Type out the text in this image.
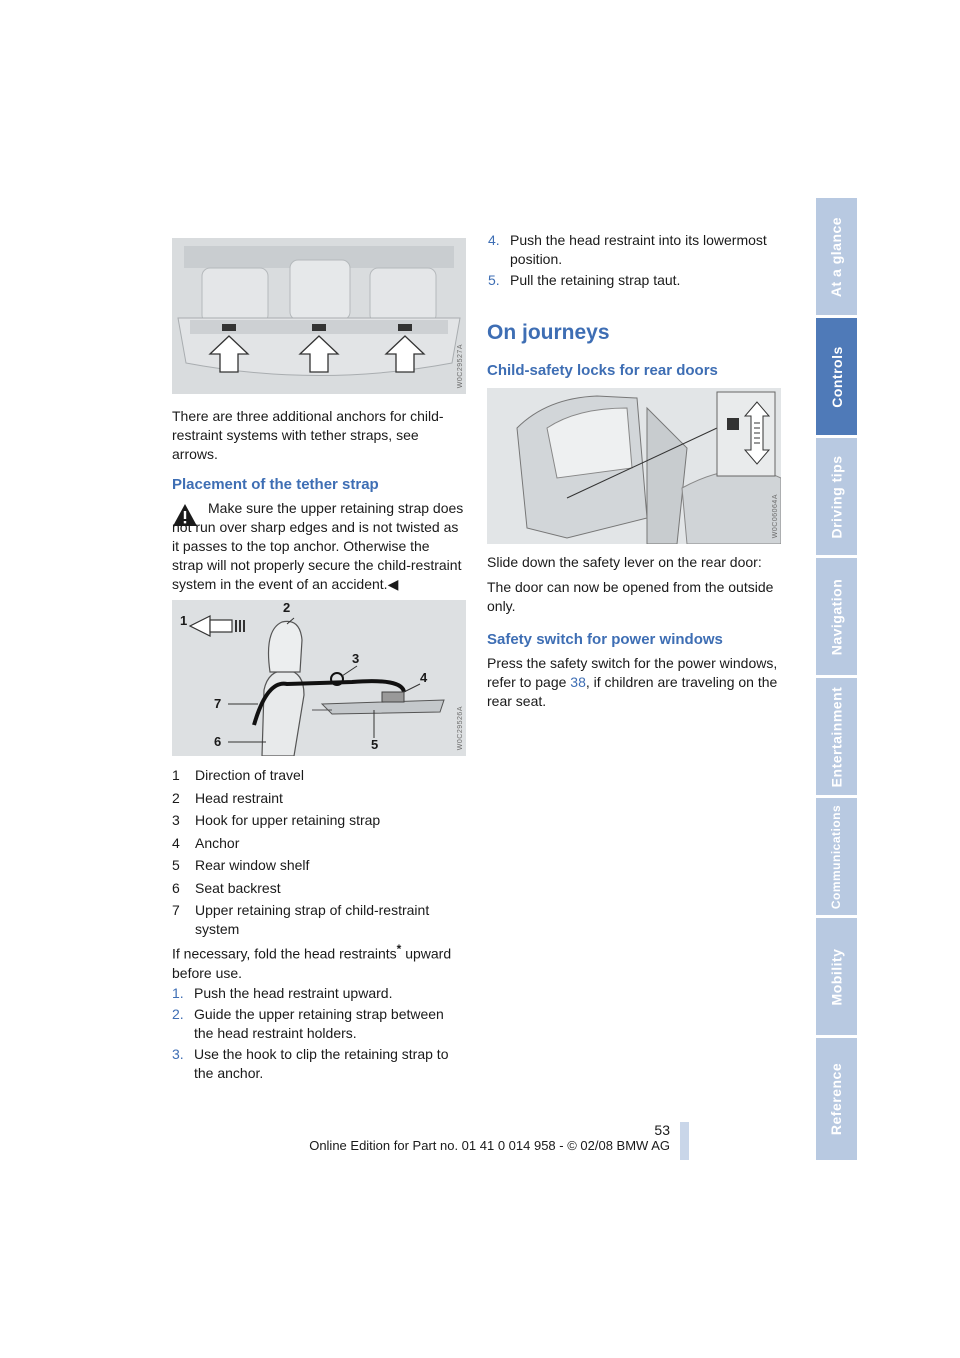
At a glance
Controls
Driving tips
Navigation
Entertainment
Communications
Mobility
Reference
W0C29527A

There are three additional anchors for child-restraint systems with tether straps, see arrows.

Placement of the tether strap

Make sure the upper retaining strap does not run over sharp edges and is not twisted as it passes to the top anchor. Otherwise the strap will not properly secure the child-restraint system in the event of an accident.◀

1
2
3
4
5
6
7
W0C29526A
1	Direction of travel
2	Head restraint
3	Hook for upper retaining strap
4	Anchor
5	Rear window shelf
6	Seat backrest
7	Upper retaining strap of child-restraint system

If necessary, fold the head restraints* upward before use.

1. Push the head restraint upward.
2. Guide the upper retaining strap between the head restraint holders.
3. Use the hook to clip the retaining strap to the anchor.
4. Push the head restraint into its lowermost position.
5. Pull the retaining strap taut.
On journeys
Child-safety locks for rear doors
W0C06064A

Slide down the safety lever on the rear door:

The door can now be opened from the outside only.

Safety switch for power windows

Press the safety switch for the power windows, refer to page 38, if children are traveling on the rear seat.

53
Online Edition for Part no. 01 41 0 014 958 - © 02/08 BMW AG
